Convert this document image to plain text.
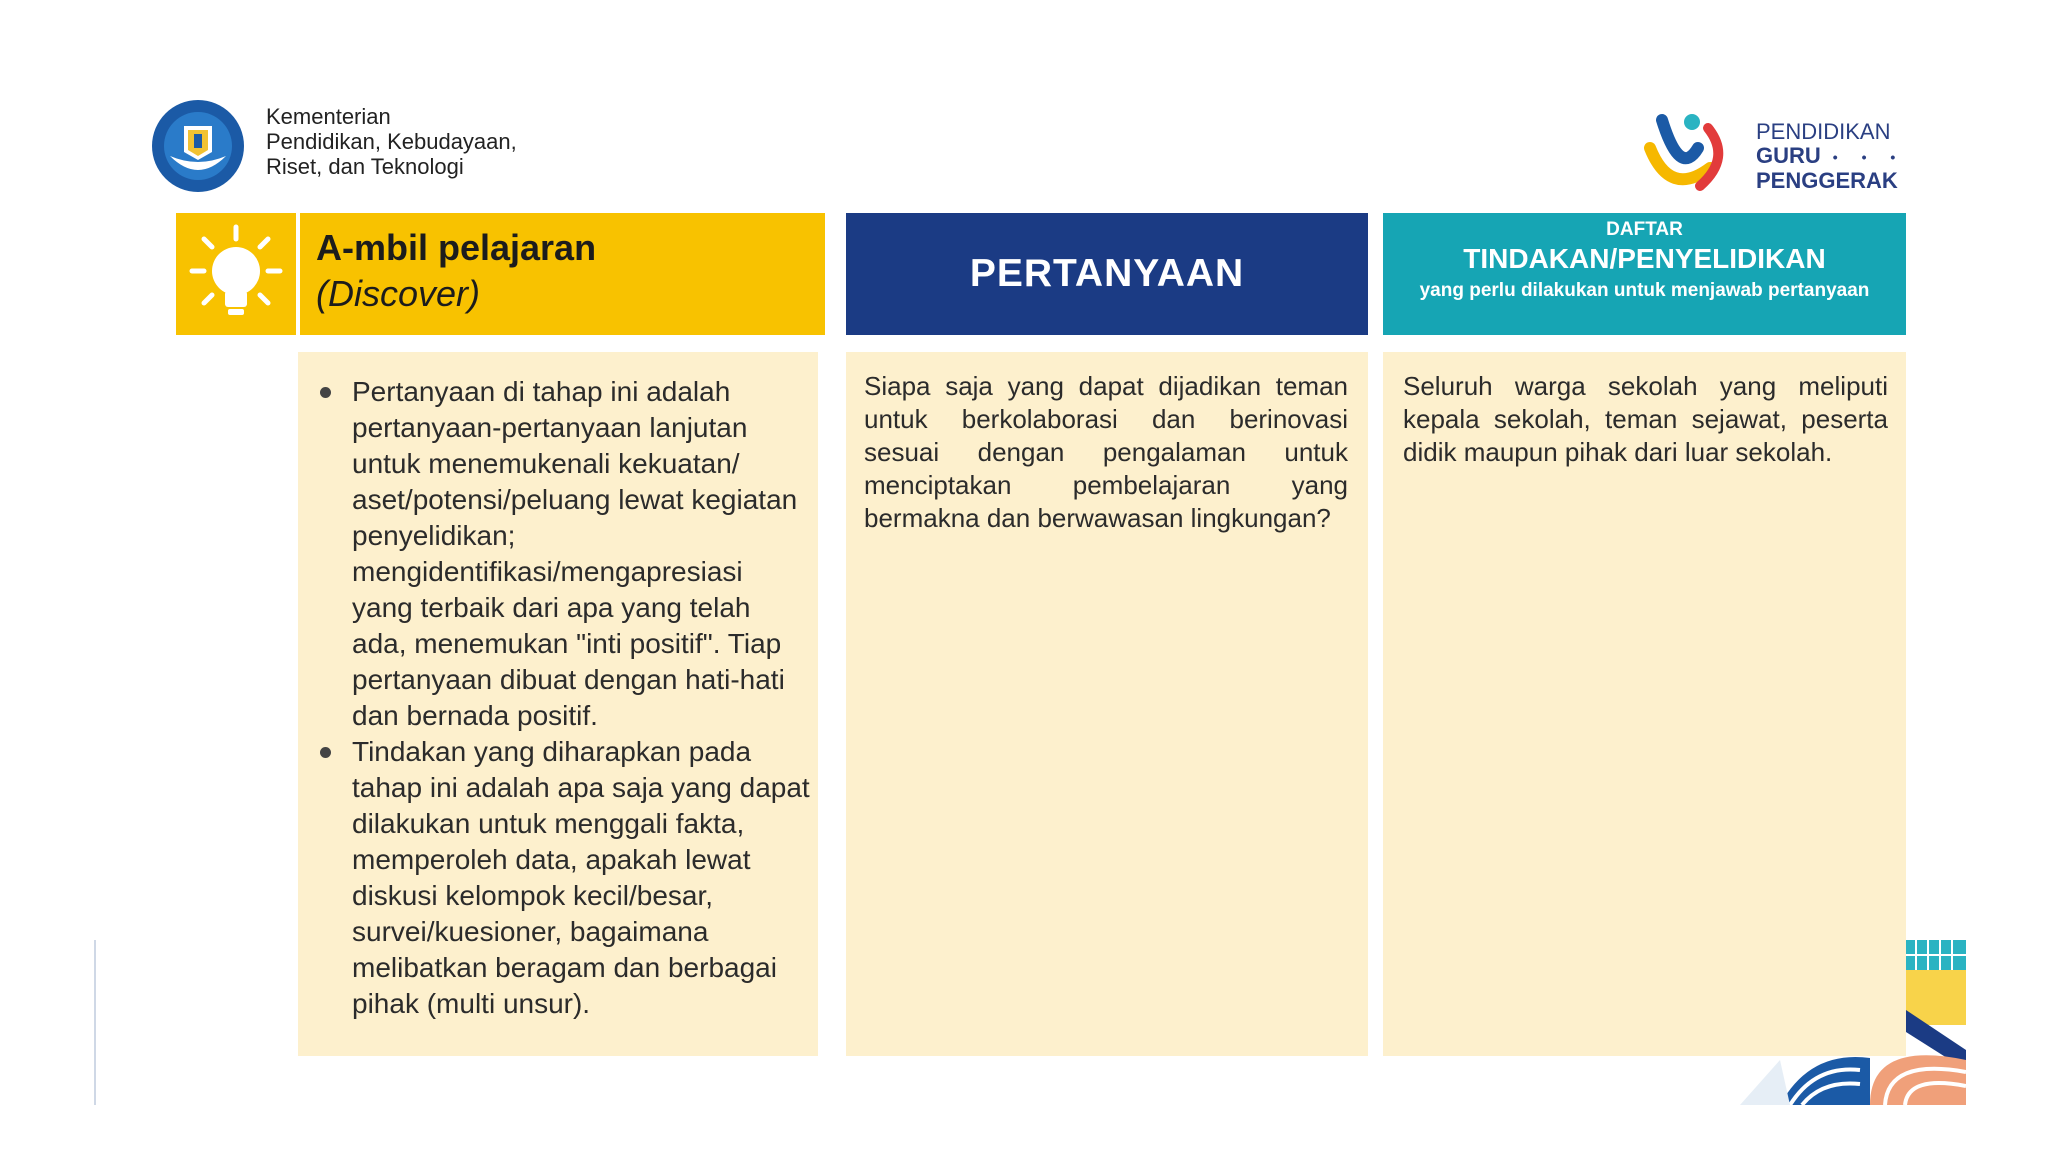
Kementerian
Pendidikan, Kebudayaan,
Riset, dan Teknologi
PENDIDIKAN
GURU • • •
PENGGERAK
A-mbil pelajaran
(Discover)	PERTANYAAN
DAFTAR
TINDAKAN/PENYELIDIKAN
yang perlu dilakukan untuk menjawab pertanyaan
Pertanyaan di tahap ini adalah pertanyaan-pertanyaan lanjutan untuk menemukenali kekuatan/ aset/potensi/peluang lewat kegiatan penyelidikan; mengidentifikasi/mengapresiasi yang terbaik dari apa yang telah ada, menemukan "inti positif". Tiap pertanyaan dibuat dengan hati-hati dan bernada positif.
Tindakan yang diharapkan pada tahap ini adalah apa saja yang dapat dilakukan untuk menggali fakta, memperoleh data, apakah lewat diskusi kelompok kecil/besar, survei/kuesioner, bagaimana melibatkan beragam dan berbagai pihak (multi unsur).
Siapa saja yang dapat dijadikan teman untuk berkolaborasi dan berinovasi sesuai dengan pengalaman untuk menciptakan pembelajaran yang bermakna dan berwawasan lingkungan?
Seluruh warga sekolah yang meliputi kepala sekolah, teman sejawat, peserta didik maupun pihak dari luar sekolah.
